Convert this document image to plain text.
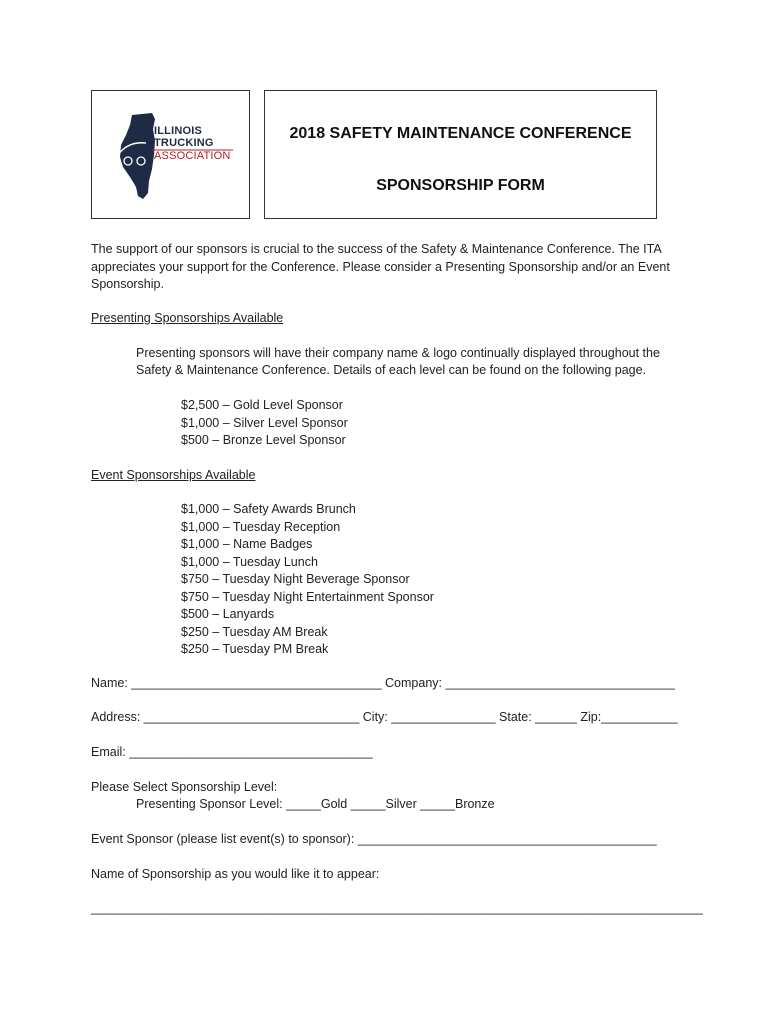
ILLINOIS
TRUCKING
ASSOCIATION
2018 SAFETY MAINTENANCE CONFERENCE
SPONSORSHIP FORM
The support of our sponsors is crucial to the success of the Safety & Maintenance Conference. The ITA
appreciates your support for the Conference. Please consider a Presenting Sponsorship and/or an Event
Sponsorship.
Presenting Sponsorships Available
Presenting sponsors will have their company name & logo continually displayed throughout the
Safety & Maintenance Conference. Details of each level can be found on the following page.
$2,500 – Gold Level Sponsor
$1,000 – Silver Level Sponsor
$500 – Bronze Level Sponsor
Event Sponsorships Available
$1,000 – Safety Awards Brunch
$1,000 – Tuesday Reception
$1,000 – Name Badges
$1,000 – Tuesday Lunch
$750 – Tuesday Night Beverage Sponsor
$750 – Tuesday Night Entertainment Sponsor
$500 – Lanyards
$250 – Tuesday AM Break
$250 – Tuesday PM Break
Name: ____________________________________ Company: _________________________________
Address: _______________________________ City: _______________ State: ______ Zip:___________
Email: ___________________________________
Please Select Sponsorship Level:
Presenting Sponsor Level: _____Gold _____Silver _____Bronze
Event Sponsor (please list event(s) to sponsor): ___________________________________________
Name of Sponsorship as you would like it to appear:
________________________________________________________________________________________
